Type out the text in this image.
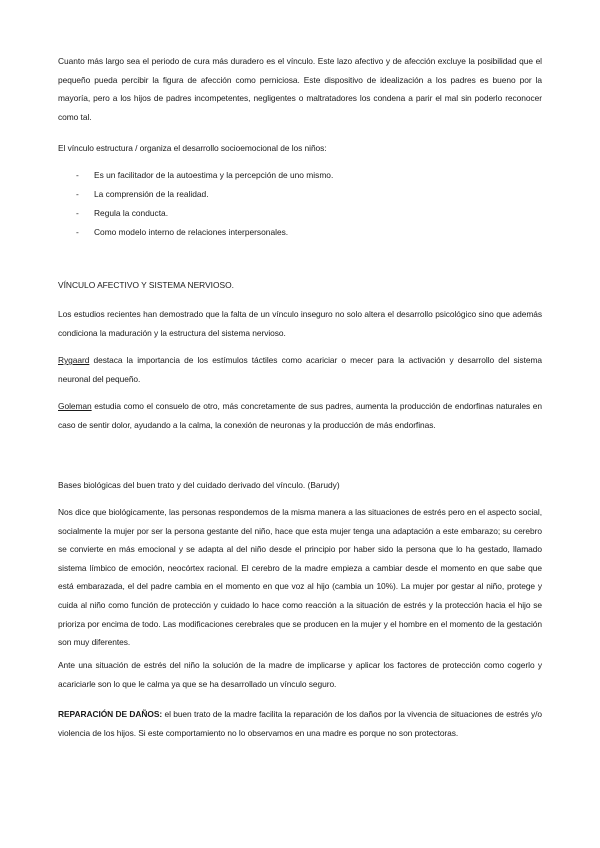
Cuanto más largo sea el periodo de cura más duradero es el vínculo. Este lazo afectivo y de afección excluye la posibilidad que el pequeño pueda percibir la figura de afección como perniciosa. Este dispositivo de idealización a los padres es bueno por la mayoría, pero a los hijos de padres incompetentes, negligentes o maltratadores los condena a parir el mal sin poderlo reconocer como tal.

El vínculo estructura / organiza el desarrollo socioemocional de los niños:

- Es un facilitador de la autoestima y la percepción de uno mismo.
- La comprensión de la realidad.
- Regula la conducta.
- Como modelo interno de relaciones interpersonales.

VÍNCULO AFECTIVO Y SISTEMA NERVIOSO.

Los estudios recientes han demostrado que la falta de un vínculo inseguro no solo altera el desarrollo psicológico sino que además condiciona la maduración y la estructura del sistema nervioso.

Rygaard destaca la importancia de los estímulos táctiles como acariciar o mecer para la activación y desarrollo del sistema neuronal del pequeño.

Goleman estudia como el consuelo de otro, más concretamente de sus padres, aumenta la producción de endorfinas naturales en caso de sentir dolor, ayudando a la calma, la conexión de neuronas y la producción de más endorfinas.

Bases biológicas del buen trato y del cuidado derivado del vínculo. (Barudy)

Nos dice que biológicamente, las personas respondemos de la misma manera a las situaciones de estrés pero en el aspecto social, socialmente la mujer por ser la persona gestante del niño, hace que esta mujer tenga una adaptación a este embarazo; su cerebro se convierte en más emocional y se adapta al del niño desde el principio por haber sido la persona que lo ha gestado, llamado sistema límbico de emoción, neocórtex racional. El cerebro de la madre empieza a cambiar desde el momento en que sabe que está embarazada, el del padre cambia en el momento en que voz al hijo (cambia un 10%). La mujer por gestar al niño, protege y cuida al niño como función de protección y cuidado lo hace como reacción a la situación de estrés y la protección hacia el hijo se prioriza por encima de todo. Las modificaciones cerebrales que se producen en la mujer y el hombre en el momento de la gestación son muy diferentes.

Ante una situación de estrés del niño la solución de la madre de implicarse y aplicar los factores de protección como cogerlo y acariciarle son lo que le calma ya que se ha desarrollado un vínculo seguro.

REPARACIÓN DE DAÑOS: el buen trato de la madre facilita la reparación de los daños por la vivencia de situaciones de estrés y/o violencia de los hijos. Si este comportamiento no lo observamos en una madre es porque no son protectoras.
